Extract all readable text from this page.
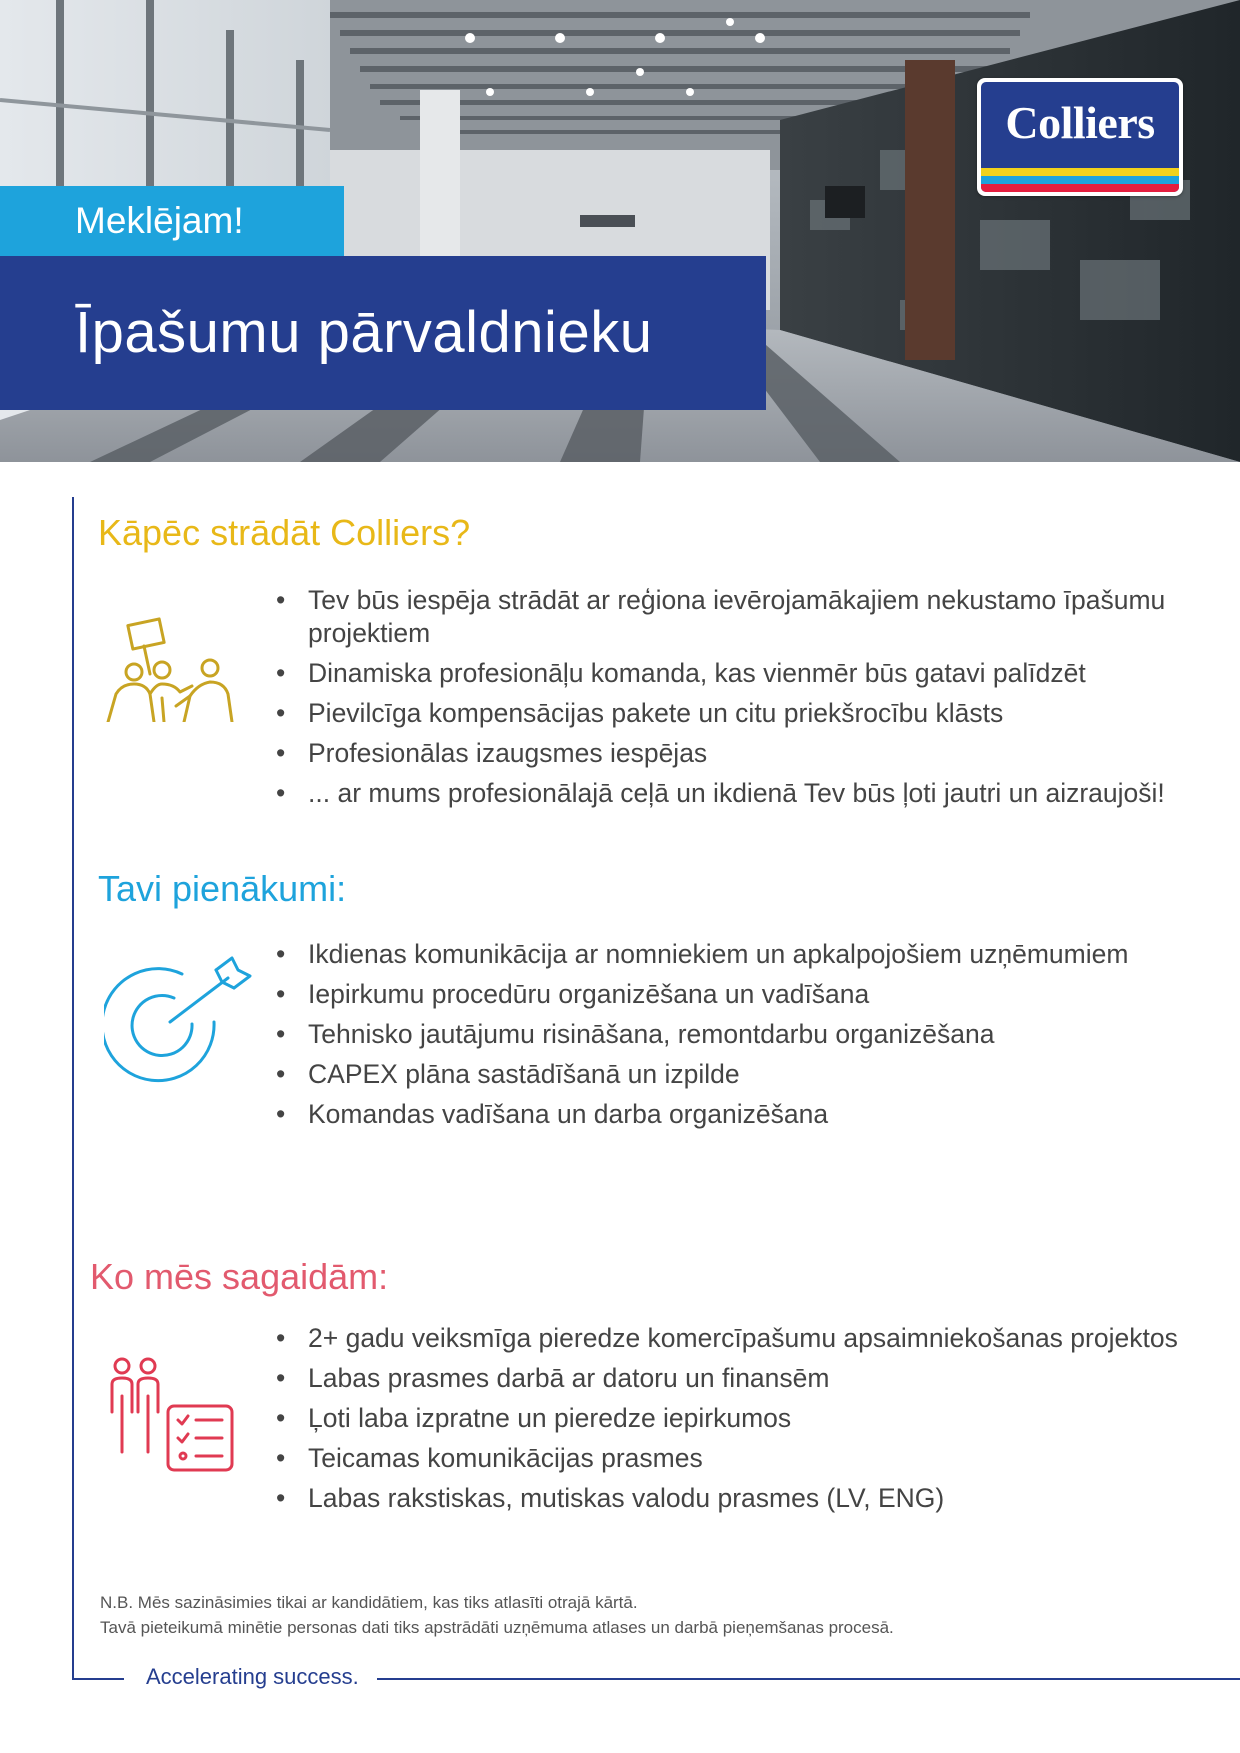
Meklējam!
Īpašumu pārvaldnieku
Colliers
Kāpēc strādāt Colliers?
• Tev būs iespēja strādāt ar reģiona ievērojamākajiem nekustamo īpašumu projektiem
• Dinamiska profesionāļu komanda, kas vienmēr būs gatavi palīdzēt
• Pievilcīga kompensācijas pakete un citu priekšrocību klāsts
• Profesionālas izaugsmes iespējas
• ... ar mums profesionālajā ceļā un ikdienā Tev būs ļoti jautri un aizraujoši!
Tavi pienākumi:
• Ikdienas komunikācija ar nomniekiem un apkalpojošiem uzņēmumiem
• Iepirkumu procedūru organizēšana un vadīšana
• Tehnisko jautājumu risināšana, remontdarbu organizēšana
• CAPEX plāna sastādīšanā un izpilde
• Komandas vadīšana un darba organizēšana
Ko mēs sagaidām:
• 2+ gadu veiksmīga pieredze komercīpašumu apsaimniekošanas projektos
• Labas prasmes darbā ar datoru un finansēm
• Ļoti laba izpratne un pieredze iepirkumos
• Teicamas komunikācijas prasmes
• Labas rakstiskas, mutiskas valodu prasmes (LV, ENG)
N.B. Mēs sazināsimies tikai ar kandidātiem, kas tiks atlasīti otrajā kārtā.
Tavā pieteikumā minētie personas dati tiks apstrādāti uzņēmuma atlases un darbā pieņemšanas procesā.
Accelerating success.
